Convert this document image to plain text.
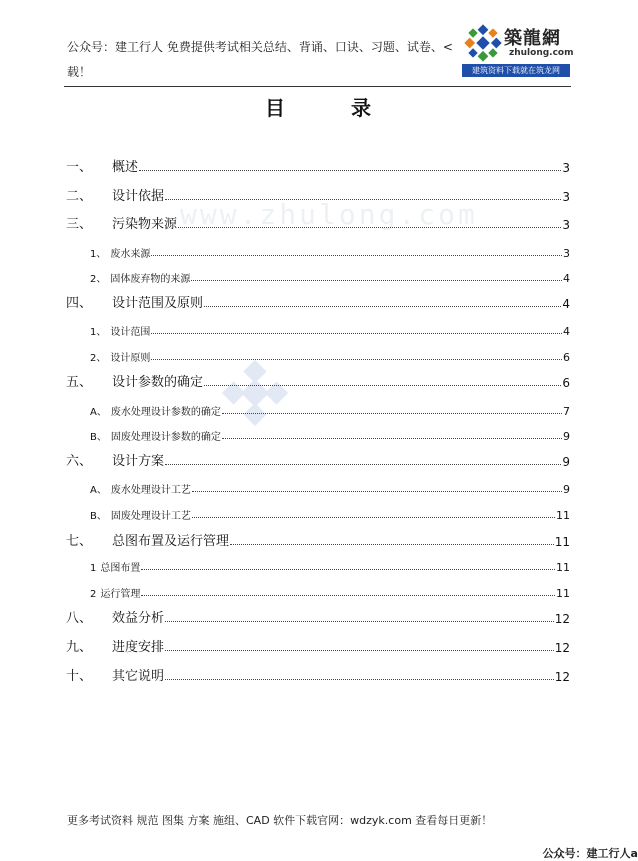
公众号：建工行人 免费提供考试相关总结、背诵、口诀、习题、试卷、<
载！
築龍網
zhulong.com
建筑资料下载就在筑龙网
目	录
www.zhulong.com
一、	概述	3
二、	设计依据	3
三、	污染物来源	3
1、 废水来源	3
2、 固体废弃物的来源	4
四、	设计范围及原则	4
1、 设计范围	4
2、 设计原则	6
五、	设计参数的确定	6
A、 废水处理设计参数的确定	7
B、 固废处理设计参数的确定	9
六、	设计方案	9
A、 废水处理设计工艺	9
B、 固废处理设计工艺	11
七、	总图布置及运行管理	11
1 总图布置	11
2 运行管理	11
八、	效益分析	12
九、	进度安排	12
十、	其它说明	12
更多考试资料 规范 图集 方案 施组、CAD 软件下载官网：wdzyk.com 查看每日更新！
公众号：建工行人a
